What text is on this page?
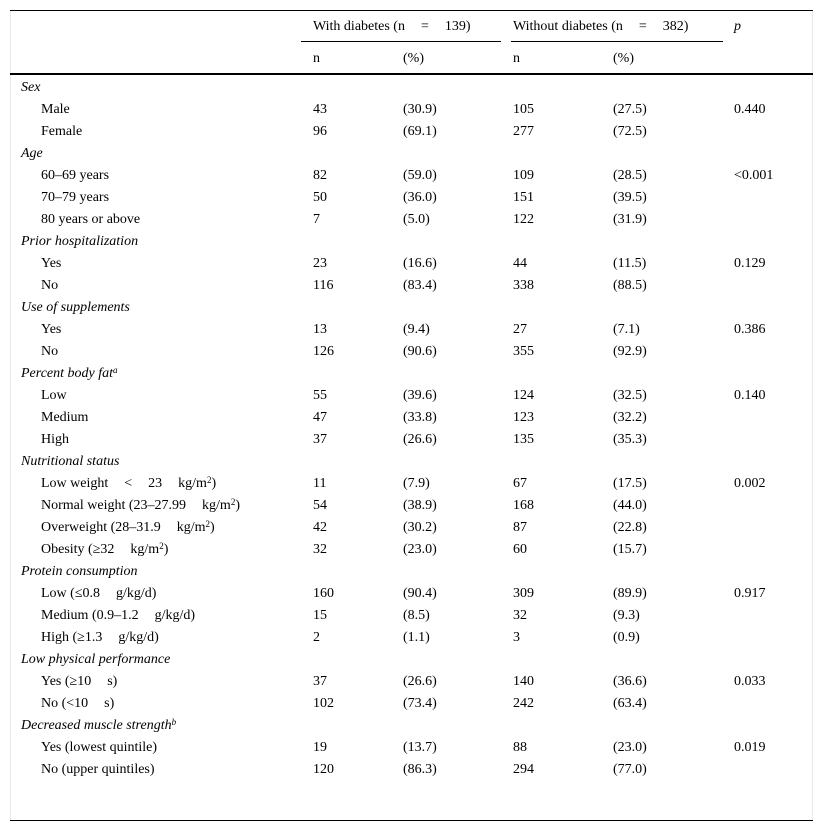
With diabetes (n = 139)	Without diabetes (n = 382)	p
n	(%)	n	(%)
Sex
Male	43	(30.9)	105	(27.5)	0.440
Female	96	(69.1)	277	(72.5)
Age
60–69 years	82	(59.0)	109	(28.5)	<0.001
70–79 years	50	(36.0)	151	(39.5)
80 years or above	7	(5.0)	122	(31.9)
Prior hospitalization
Yes	23	(16.6)	44	(11.5)	0.129
No	116	(83.4)	338	(88.5)
Use of supplements
Yes	13	(9.4)	27	(7.1)	0.386
No	126	(90.6)	355	(92.9)
Percent body fat$^a$
Low	55	(39.6)	124	(32.5)	0.140
Medium	47	(33.8)	123	(32.2)
High	37	(26.6)	135	(35.3)
Nutritional status
Low weight < 23 $kg/m^2$)	11	(7.9)	67	(17.5)	0.002
Normal weight (23–27.99 $kg/m^2$)	54	(38.9)	168	(44.0)
Overweight (28–31.9 $kg/m^2$)	42	(30.2)	87	(22.8)
Obesity (≥32 $kg/m^2$)	32	(23.0)	60	(15.7)
Protein consumption
Low (≤0.8 g/kg/d)	160	(90.4)	309	(89.9)	0.917
Medium (0.9–1.2 g/kg/d)	15	(8.5)	32	(9.3)
High (≥1.3 g/kg/d)	2	(1.1)	3	(0.9)
Low physical performance
Yes (≥10 s)	37	(26.6)	140	(36.6)	0.033
No (<10 s)	102	(73.4)	242	(63.4)
Decreased muscle strength$^b$
Yes (lowest quintile)	19	(13.7)	88	(23.0)	0.019
No (upper quintiles)	120	(86.3)	294	(77.0)
